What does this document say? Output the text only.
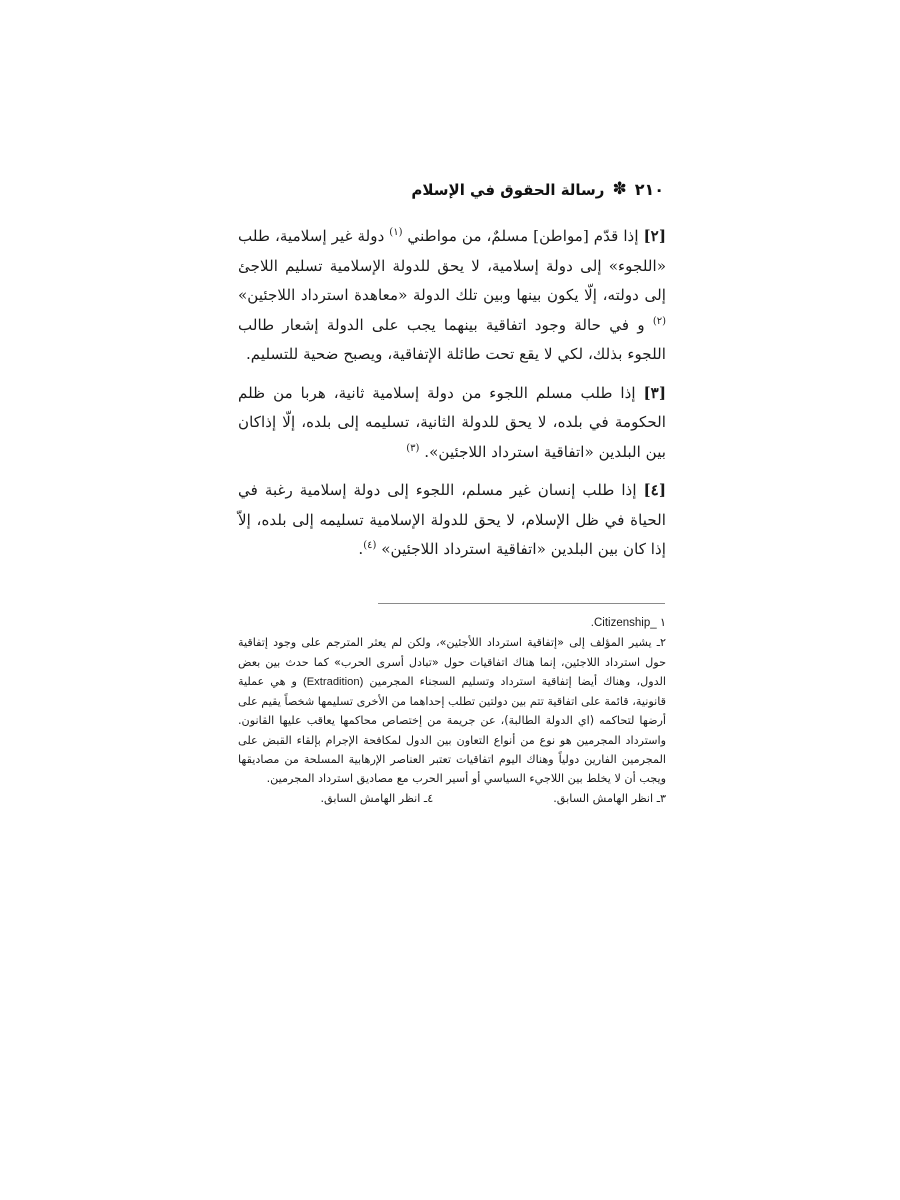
٢١٠
✽
رسالة الحقوق في الإسلام

[٢] إذا قدّم [مواطن] مسلمٌ، من مواطني $^{(١)}$ دولة غير إسلامية، طلب «اللجوء» إلى دولة إسلامية، لا يحق للدولة الإسلامية تسليم اللاجئ إلى دولته، إلّا يكون بينها وبين تلك الدولة «معاهدة استرداد اللاجئين» $^{(٢)}$ و في حالة وجود اتفاقية بينهما يجب على الدولة إشعار طالب اللجوء بذلك، لكي لا يقع تحت طائلة الإتفاقية، ويصبح ضحية للتسليم.

[٣] إذا طلب مسلم اللجوء من دولة إسلامية ثانية، هربا من ظلم الحكومة في بلده، لا يحق للدولة الثانية، تسليمه إلى بلده، إلّا إذاكان بين البلدين «اتفاقية استرداد اللاجئين». $^{(٣)}$

[٤] إذا طلب إنسان غير مسلم، اللجوء إلى دولة إسلامية رغبة في الحياة في ظل الإسلام، لا يحق للدولة الإسلامية تسليمه إلى بلده، إلاّ إذا كان بين البلدين «اتفاقية استرداد اللاجئين» $^{(٤)}$.

١ _Citizenship.

٢ـ يشير المؤلف إلى «إتفاقية استرداد اللأجئين»، ولكن لم يعثر المترجم على وجود إتفاقية حول استرداد اللاجئين، إنما هناك اتفاقيات حول «تبادل أسرى الحرب» كما حدث بين بعض الدول، وهناك أيضا إتفاقية استرداد وتسليم السجناء المجرمين (Extradition) و هي عملية قانونية، قائمة على اتفاقية تتم بين دولتين تطلب إحداهما من الأخرى تسليمها شخصاً يقيم على أرضها لتحاكمه (اي الدولة الطالبة)، عن جريمة من إختصاص محاكمها يعاقب عليها القانون. واسترداد المجرمين هو نوع من أنواع التعاون بين الدول لمكافحة الإجرام بإلقاء القبض على المجرمين الفارين دولياً وهناك اليوم اتفاقيات تعتبر العناصر الإرهابية المسلحة من مصاديقها ويجب أن لا يخلط بين اللاجيء السياسي أو أسير الحرب مع مصاديق استرداد المجرمين.

٣ـ انظر الهامش السابق.
٤ـ انظر الهامش السابق.
